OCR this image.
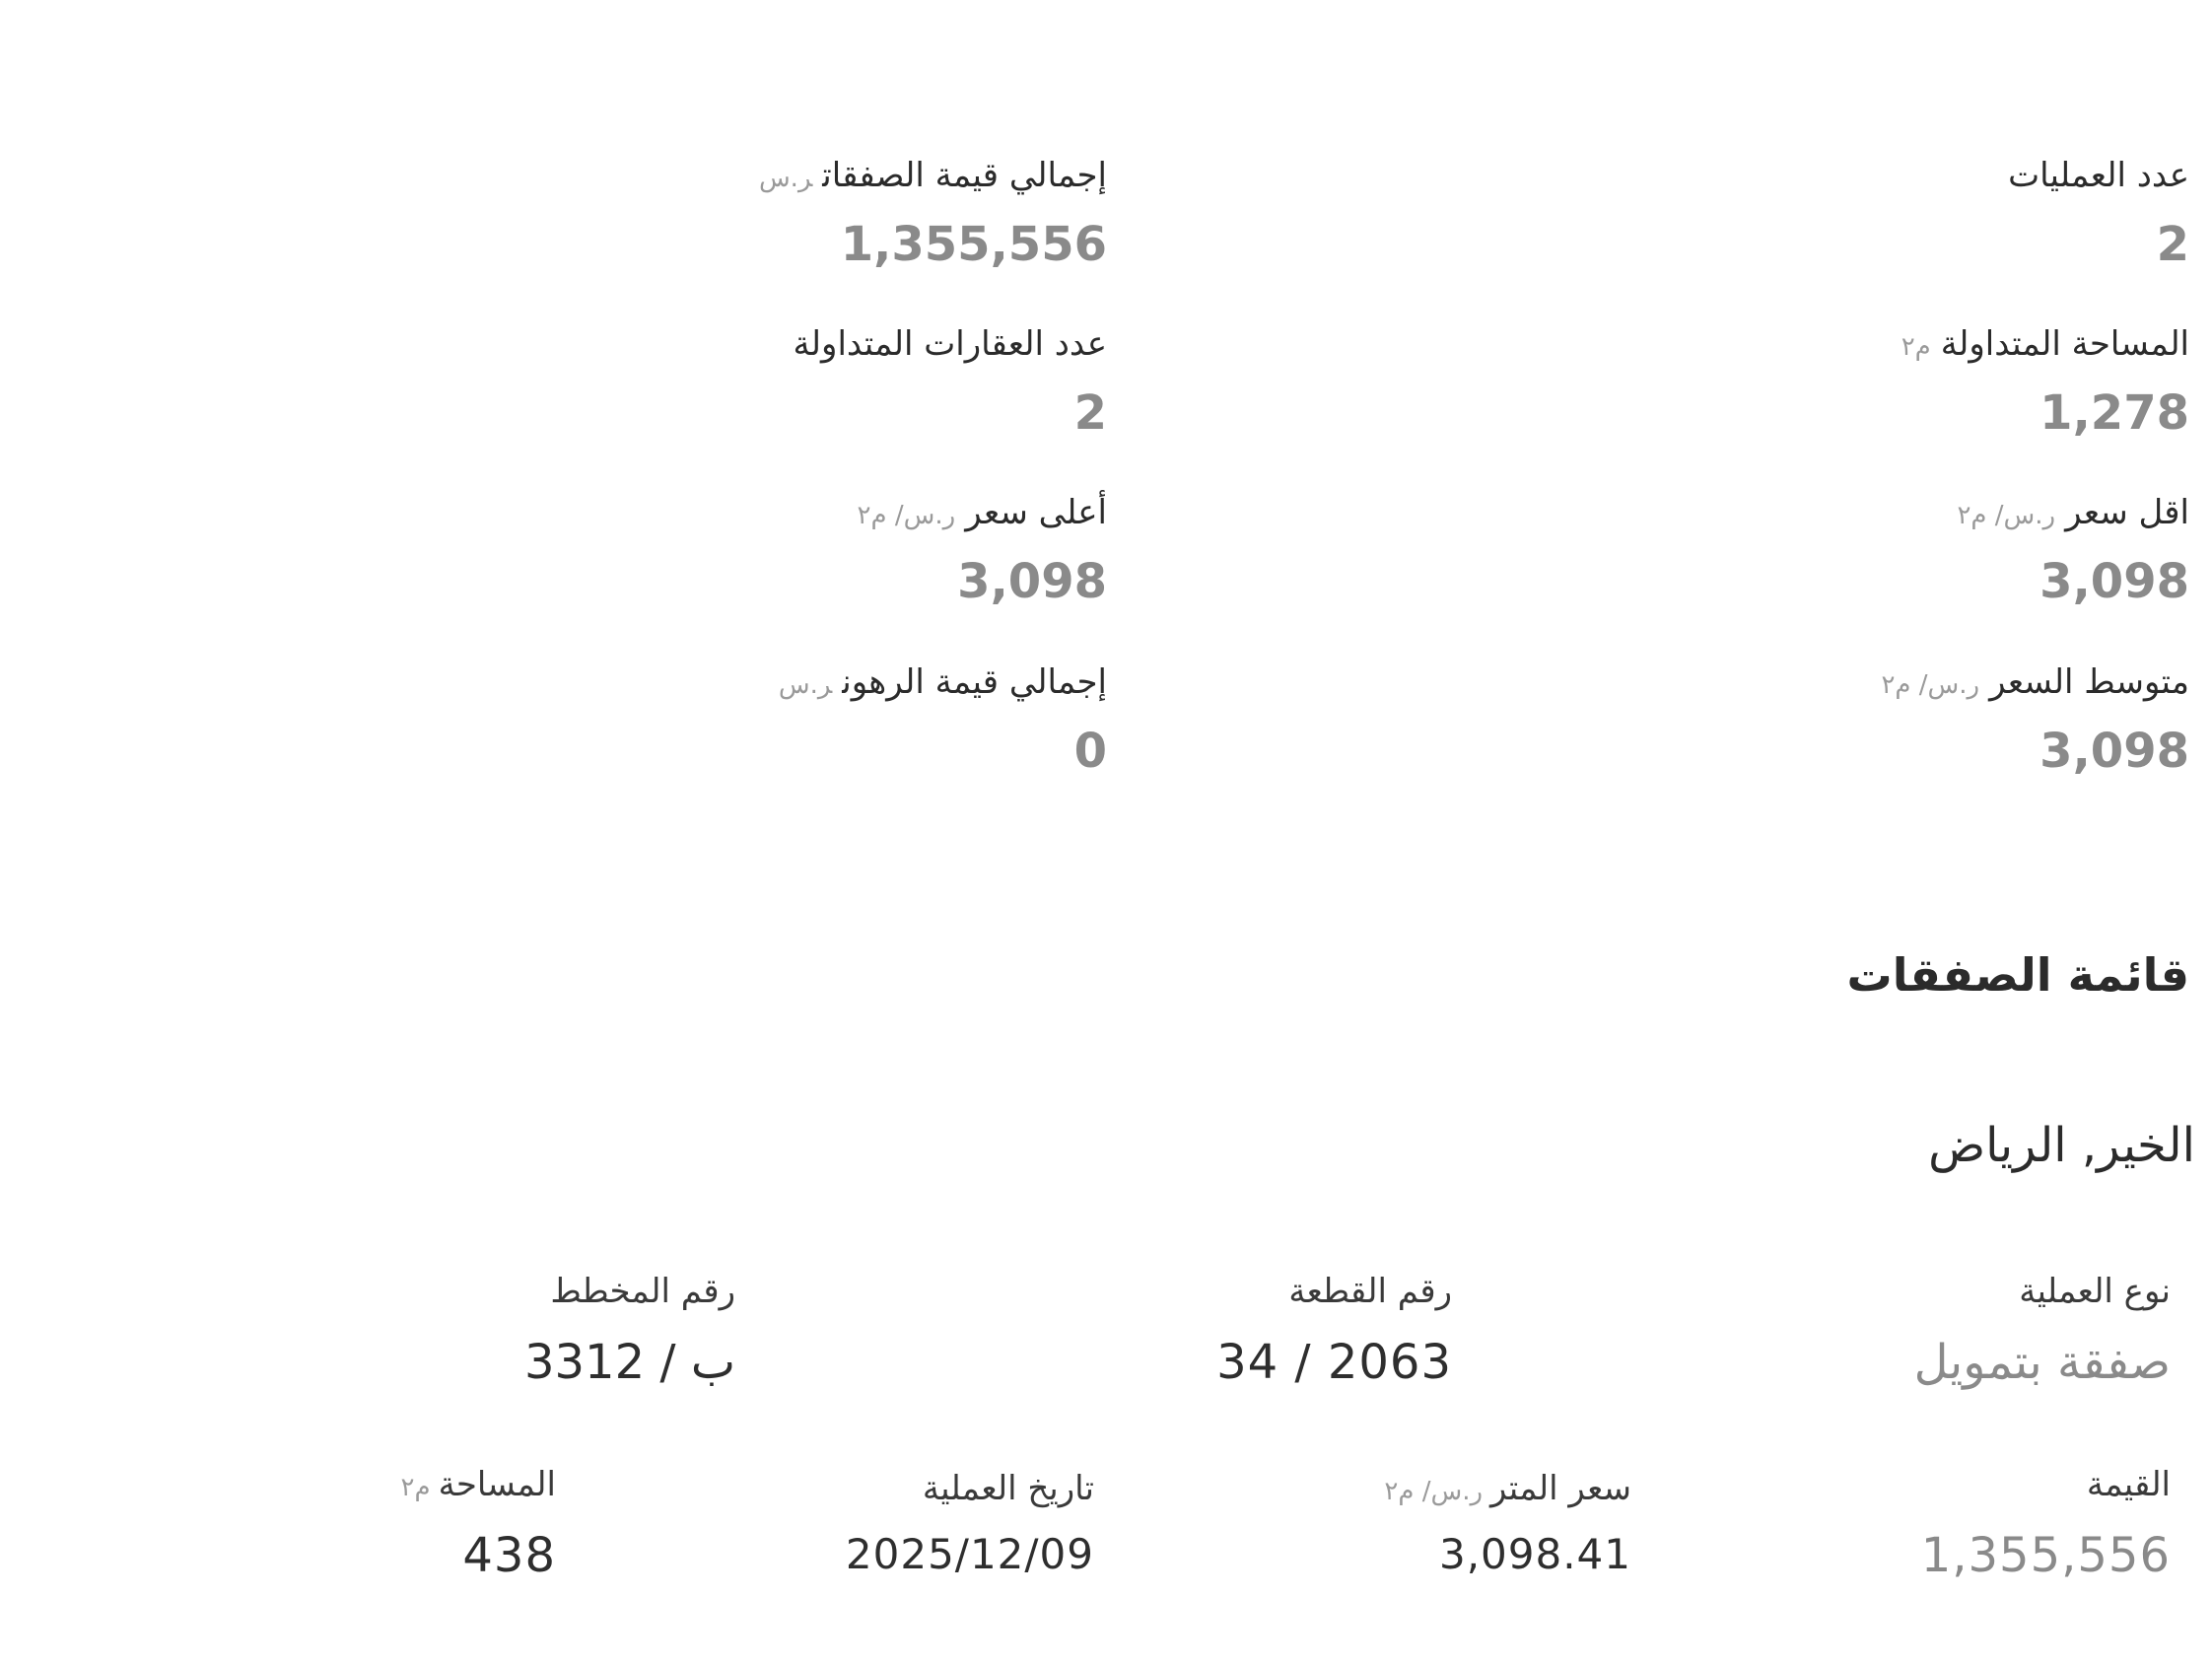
عدد العمليات
2
المساحة المتداولةم٢
1,278
اقل سعرر.س/ م٢
3,098
متوسط السعرر.س/ م٢
3,098
إجمالي قيمة الصفقاتر.س
1,355,556
عدد العقارات المتداولة
2
أعلى سعرر.س/ م٢
3,098
إجمالي قيمة الرهونر.س
0
قائمة الصفقات
الخير, الرياض
نوع العملية
صفقة بتمويل
رقم القطعة
34 / 2063
رقم المخطط
3312 / ب
القيمة
1,355,556
سعر المترر.س/ م٢
3,098.41
تاريخ العملية
2025/12/09
المساحةم٢
438
